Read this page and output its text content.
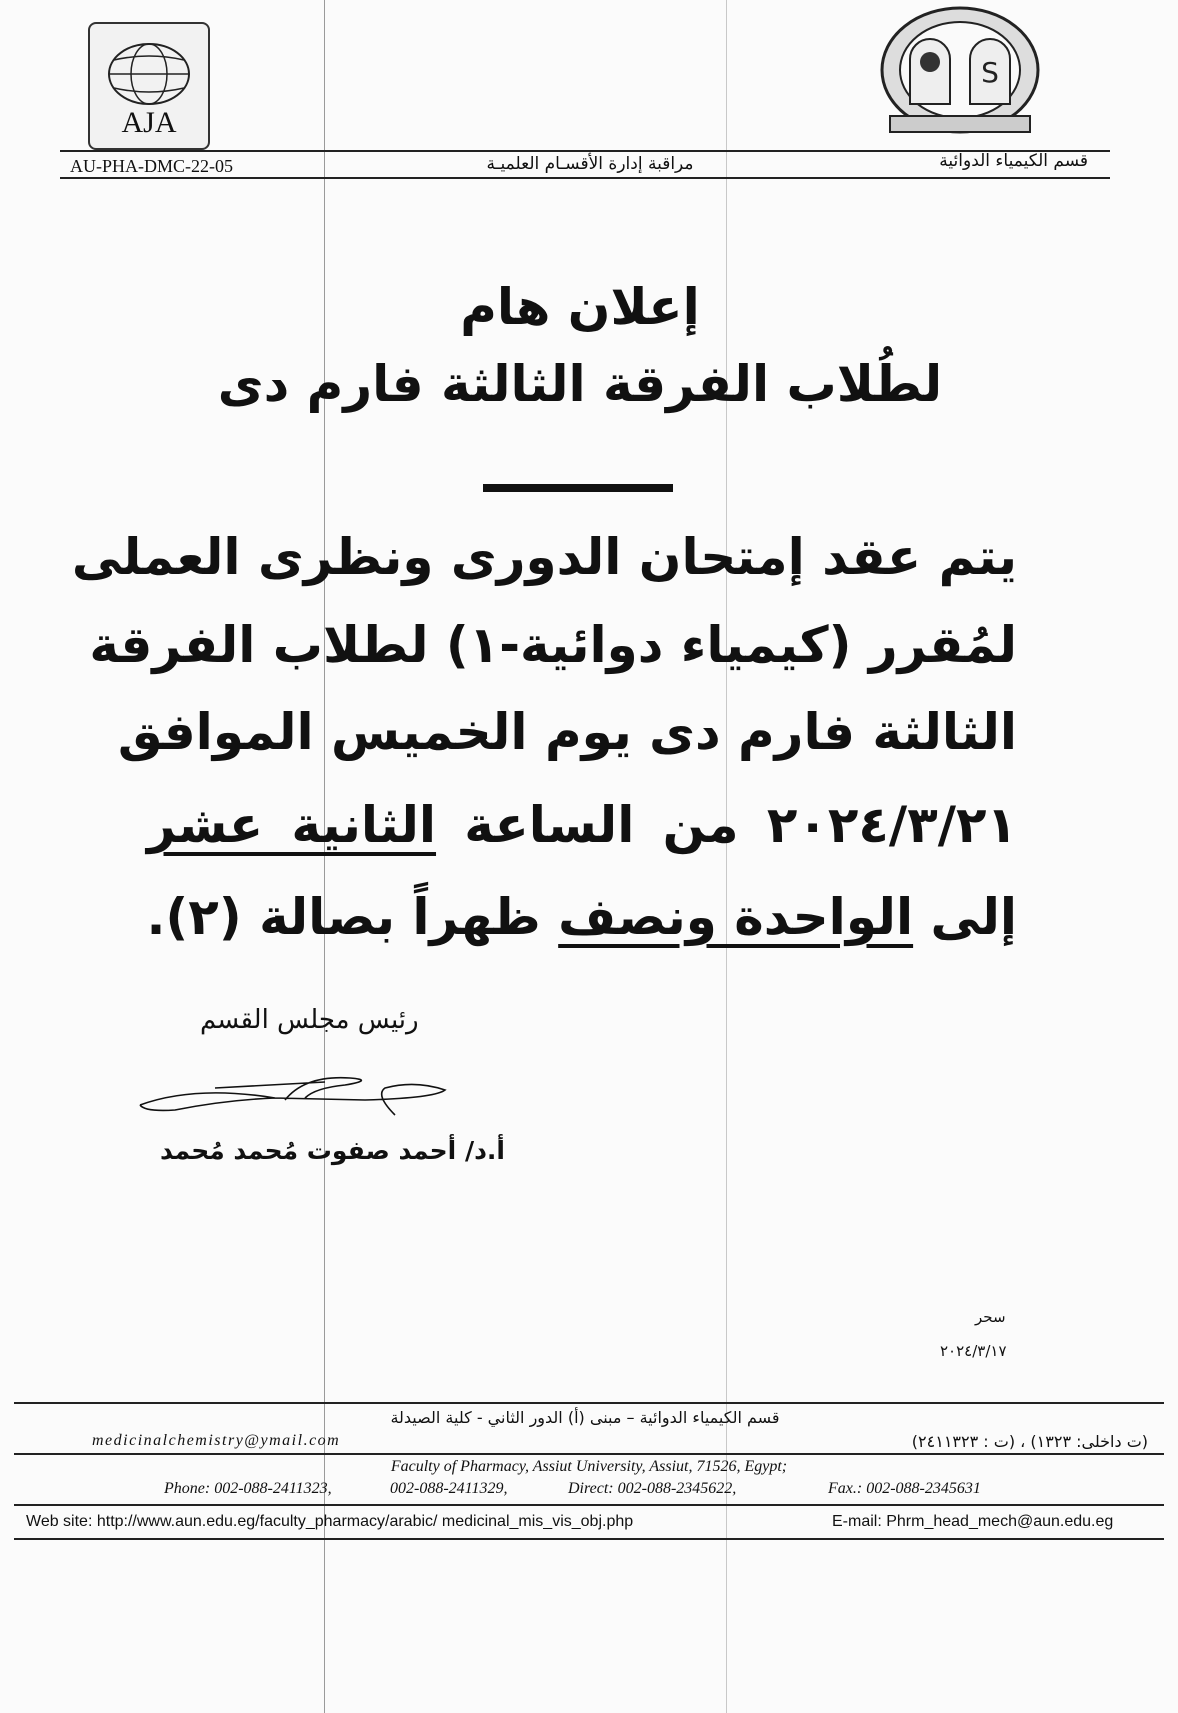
AJA
S
AU-PHA-DMC-22-05	مراقبة إدارة الأقسـام العلميـة	قسم الكيمياء الدوائية
إعلان هام
لطُلاب الفرقة الثالثة فارم دى
يتم عقد إمتحان الدورى ونظرى العملى
لمُقرر (كيمياء دوائية-١) لطلاب الفرقة
الثالثة فارم دى يوم الخميس الموافق
٢٠٢٤/٣/٢١ من الساعة الثانية عشر
إلى الواحدة ونصف ظهراً بصالة (٢).
رئيس مجلس القسم
أ.د/ أحمد صفوت مُحمد مُحمد
سحر
٢٠٢٤/٣/١٧
قسم الكيمياء الدوائية – مبنى (أ) الدور الثاني - كلية الصيدلة
medicinalchemistry@ymail.com	(ت داخلى: ١٣٢٣) ، (ت : ٢٤١١٣٢٣)
Faculty of Pharmacy, Assiut University, Assiut, 71526, Egypt;
Phone: 002-088-2411323,	002-088-2411329,	Direct: 002-088-2345622,	Fax.: 002-088-2345631
Web site: http://www.aun.edu.eg/faculty_pharmacy/arabic/ medicinal_mis_vis_obj.php	E-mail: Phrm_head_mech@aun.edu.eg
